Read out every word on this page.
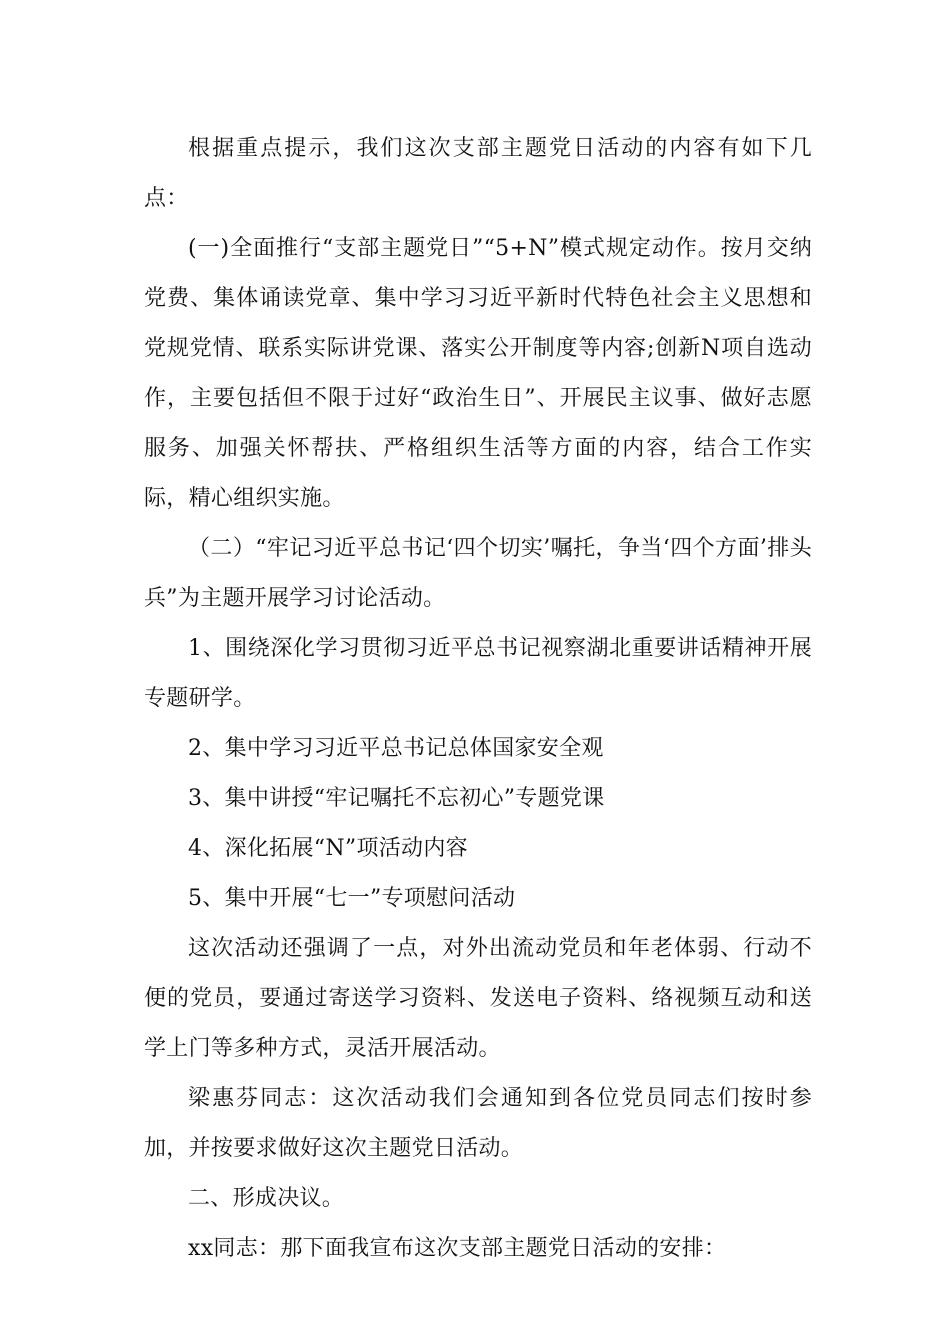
根据重点提示，我们这次支部主题党日活动的内容有如下几点：

(一)全面推行“支部主题党日”“5+N”模式规定动作。按月交纳党费、集体诵读党章、集中学习习近平新时代特色社会主义思想和党规党情、联系实际讲党课、落实公开制度等内容;创新N项自选动作，主要包括但不限于过好“政治生日”、开展民主议事、做好志愿服务、加强关怀帮扶、严格组织生活等方面的内容，结合工作实际，精心组织实施。

（二）“牢记习近平总书记‘四个切实’嘱托，争当‘四个方面’排头兵”为主题开展学习讨论活动。

1、围绕深化学习贯彻习近平总书记视察湖北重要讲话精神开展专题研学。

2、集中学习习近平总书记总体国家安全观

3、集中讲授“牢记嘱托不忘初心”专题党课

4、深化拓展“N”项活动内容

5、集中开展“七一”专项慰问活动

这次活动还强调了一点，对外出流动党员和年老体弱、行动不便的党员，要通过寄送学习资料、发送电子资料、络视频互动和送学上门等多种方式，灵活开展活动。

梁惠芬同志：这次活动我们会通知到各位党员同志们按时参加，并按要求做好这次主题党日活动。

二、形成决议。

xx同志：那下面我宣布这次支部主题党日活动的安排：
